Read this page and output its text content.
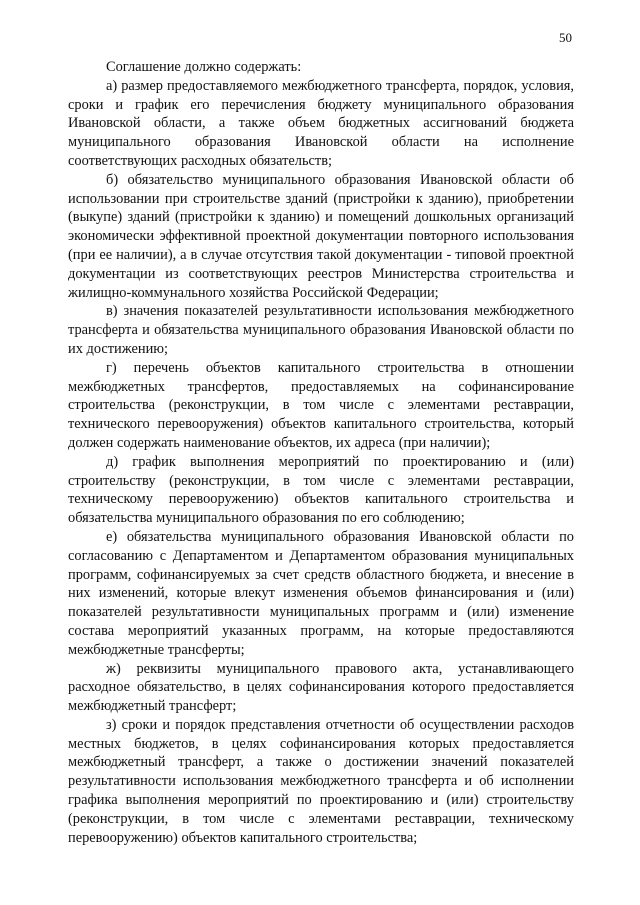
50

Соглашение должно содержать:

а) размер предоставляемого межбюджетного трансферта, порядок, условия, сроки и график его перечисления бюджету муниципального образования Ивановской области, а также объем бюджетных ассигнований бюджета муниципального образования Ивановской области на исполнение соответствующих расходных обязательств;

б) обязательство муниципального образования Ивановской области об использовании при строительстве зданий (пристройки к зданию), приобретении (выкупе) зданий (пристройки к зданию) и помещений дошкольных организаций экономически эффективной проектной документации повторного использования (при ее наличии), а в случае отсутствия такой документации - типовой проектной документации из соответствующих реестров Министерства строительства и жилищно-коммунального хозяйства Российской Федерации;

в) значения показателей результативности использования межбюджетного трансферта и обязательства муниципального образования Ивановской области по их достижению;

г) перечень объектов капитального строительства в отношении межбюджетных трансфертов, предоставляемых на софинансирование строительства (реконструкции, в том числе с элементами реставрации, технического перевооружения) объектов капитального строительства, который должен содержать наименование объектов, их адреса (при наличии);

д) график выполнения мероприятий по проектированию и (или) строительству (реконструкции, в том числе с элементами реставрации, техническому перевооружению) объектов капитального строительства и обязательства муниципального образования по его соблюдению;

е) обязательства муниципального образования Ивановской области по согласованию с Департаментом и Департаментом образования муниципальных программ, софинансируемых за счет средств областного бюджета, и внесение в них изменений, которые влекут изменения объемов финансирования и (или) показателей результативности муниципальных программ и (или) изменение состава мероприятий указанных программ, на которые предоставляются межбюджетные трансферты;

ж) реквизиты муниципального правового акта, устанавливающего расходное обязательство, в целях софинансирования которого предоставляется межбюджетный трансферт;

з) сроки и порядок представления отчетности об осуществлении расходов местных бюджетов, в целях софинансирования которых предоставляется межбюджетный трансферт, а также о достижении значений показателей результативности использования межбюджетного трансферта и об исполнении графика выполнения мероприятий по проектированию и (или) строительству (реконструкции, в том числе с элементами реставрации, техническому перевооружению) объектов капитального строительства;
